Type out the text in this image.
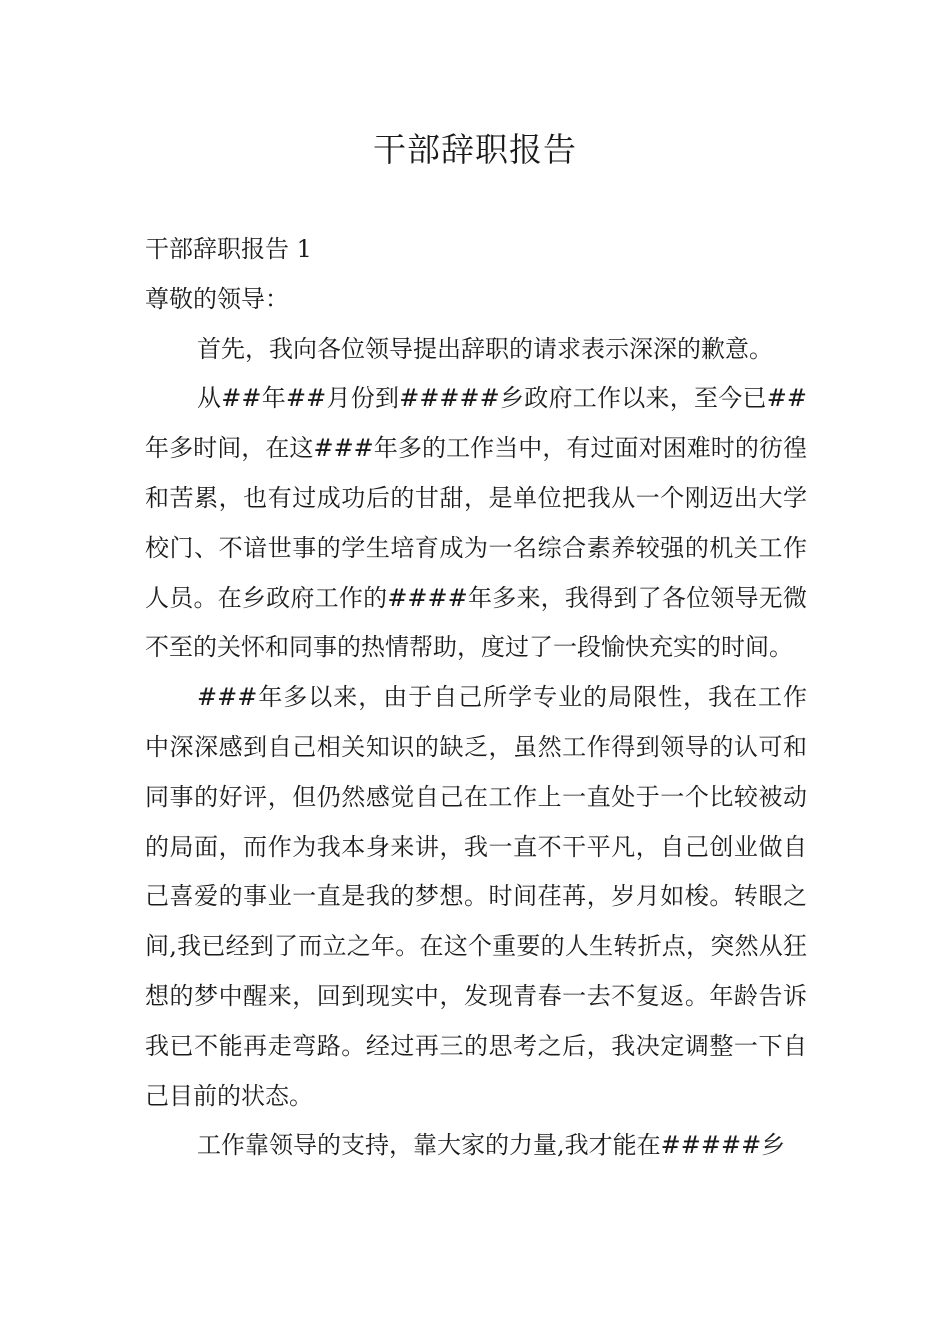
干部辞职报告

干部辞职报告 1

尊敬的领导：

首先，我向各位领导提出辞职的请求表示深深的歉意。

从##年##月份到#####乡政府工作以来，至今已##年多时间，在这###年多的工作当中，有过面对困难时的彷徨和苦累，也有过成功后的甘甜，是单位把我从一个刚迈出大学校门、不谙世事的学生培育成为一名综合素养较强的机关工作人员。在乡政府工作的####年多来，我得到了各位领导无微不至的关怀和同事的热情帮助，度过了一段愉快充实的时间。

###年多以来，由于自己所学专业的局限性，我在工作中深深感到自己相关知识的缺乏，虽然工作得到领导的认可和同事的好评，但仍然感觉自己在工作上一直处于一个比较被动的局面，而作为我本身来讲，我一直不干平凡，自己创业做自己喜爱的事业一直是我的梦想。时间荏苒，岁月如梭。转眼之间,我已经到了而立之年。在这个重要的人生转折点，突然从狂想的梦中醒来，回到现实中，发现青春一去不复返。年龄告诉我已不能再走弯路。经过再三的思考之后，我决定调整一下自己目前的状态。

工作靠领导的支持，靠大家的力量,我才能在#####乡
